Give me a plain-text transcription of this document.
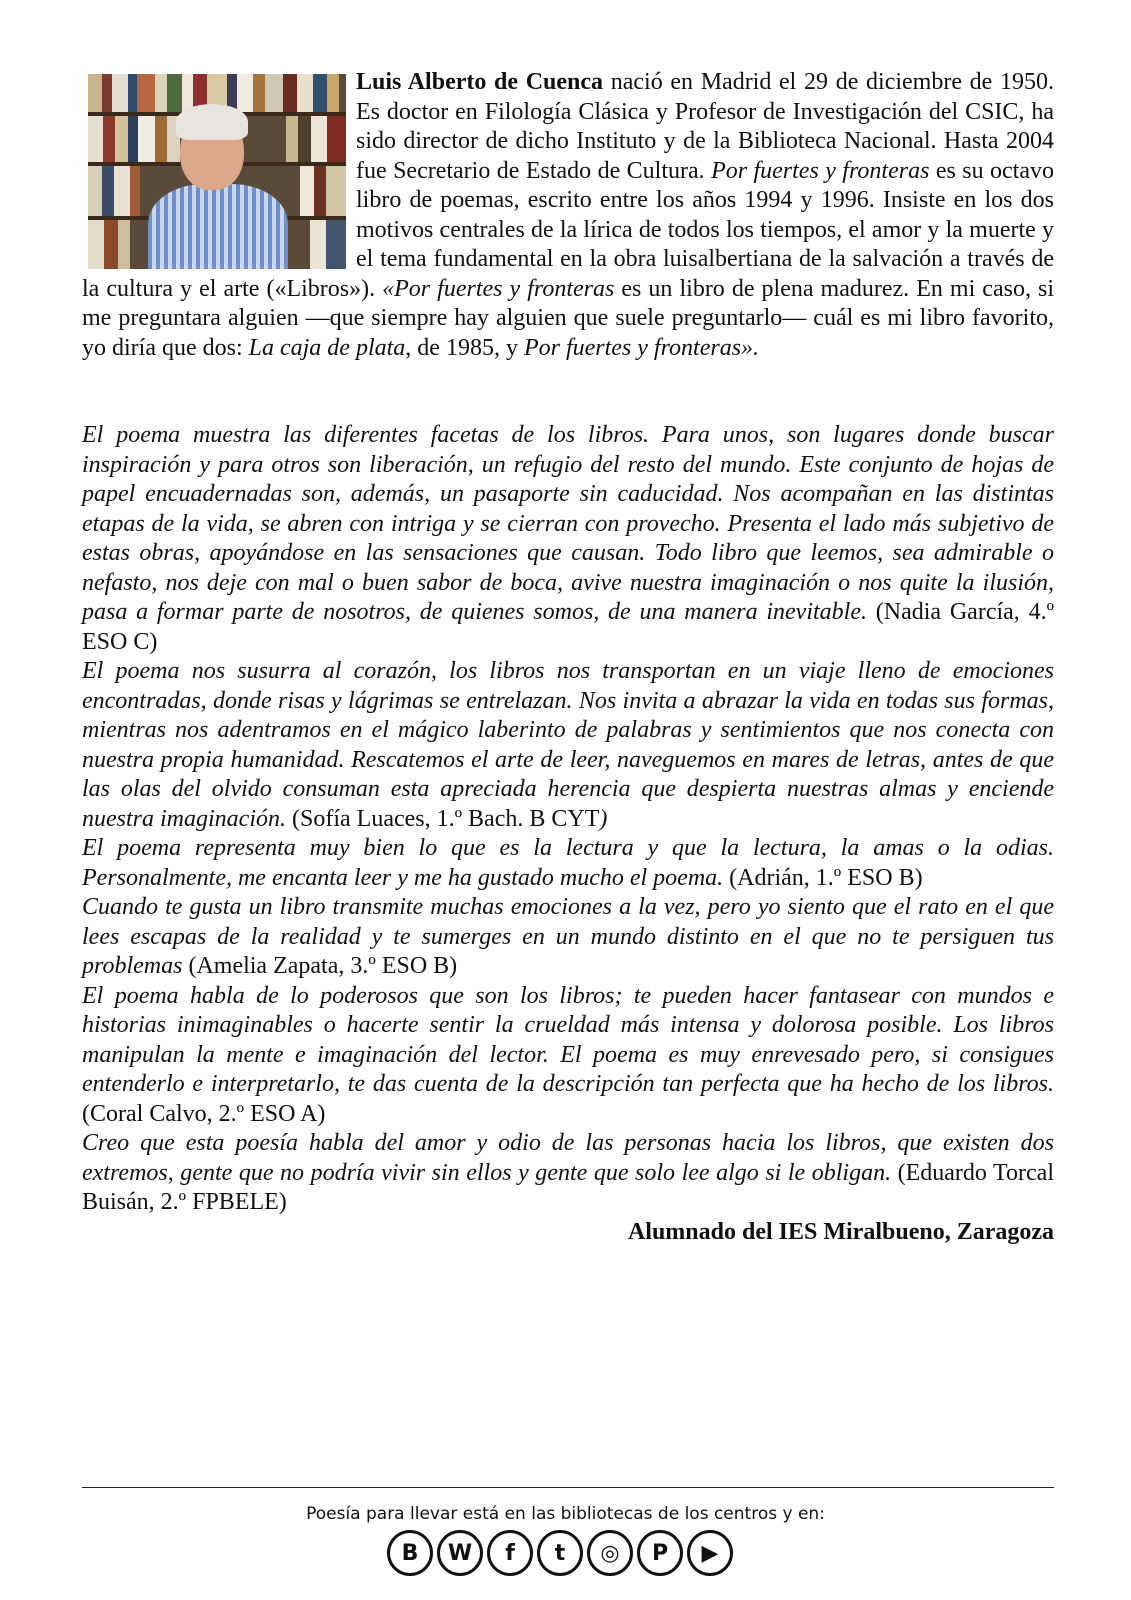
Luis Alberto de Cuenca nació en Madrid el 29 de diciembre de 1950. Es doctor en Filología Clásica y Profesor de Investigación del CSIC, ha sido director de dicho Instituto y de la Biblioteca Nacional. Hasta 2004 fue Secretario de Estado de Cultura. Por fuertes y fronteras es su octavo libro de poemas, escrito entre los años 1994 y 1996. Insiste en los dos motivos centrales de la lírica de todos los tiempos, el amor y la muerte y el tema fundamental en la obra luisalbertiana de la salvación a través de la cultura y el arte («Libros»). «Por fuertes y fronteras es un libro de plena madurez. En mi caso, si me preguntara alguien —que siempre hay alguien que suele preguntarlo— cuál es mi libro favorito, yo diría que dos: La caja de plata, de 1985, y Por fuertes y fronteras».

El poema muestra las diferentes facetas de los libros. Para unos, son lugares donde buscar inspiración y para otros son liberación, un refugio del resto del mundo. Este conjunto de hojas de papel encuadernadas son, además, un pasaporte sin caducidad. Nos acompañan en las distintas etapas de la vida, se abren con intriga y se cierran con provecho. Presenta el lado más subjetivo de estas obras, apoyándose en las sensaciones que causan. Todo libro que leemos, sea admirable o nefasto, nos deje con mal o buen sabor de boca, avive nuestra imaginación o nos quite la ilusión, pasa a formar parte de nosotros, de quienes somos, de una manera inevitable. (Nadia García, 4.º ESO C)

El poema nos susurra al corazón, los libros nos transportan en un viaje lleno de emociones encontradas, donde risas y lágrimas se entrelazan. Nos invita a abrazar la vida en todas sus formas, mientras nos adentramos en el mágico laberinto de palabras y sentimientos que nos conecta con nuestra propia humanidad. Rescatemos el arte de leer, naveguemos en mares de letras, antes de que las olas del olvido consuman esta apreciada herencia que despierta nuestras almas y enciende nuestra imaginación. (Sofía Luaces, 1.º Bach. B CYT)

El poema representa muy bien lo que es la lectura y que la lectura, la amas o la odias. Personalmente, me encanta leer y me ha gustado mucho el poema. (Adrián, 1.º ESO B)

Cuando te gusta un libro transmite muchas emociones a la vez, pero yo siento que el rato en el que lees escapas de la realidad y te sumerges en un mundo distinto en el que no te persiguen tus problemas (Amelia Zapata, 3.º ESO B)

El poema habla de lo poderosos que son los libros; te pueden hacer fantasear con mundos e historias inimaginables o hacerte sentir la crueldad más intensa y dolorosa posible. Los libros manipulan la mente e imaginación del lector. El poema es muy enrevesado pero, si consigues entenderlo e interpretarlo, te das cuenta de la descripción tan perfecta que ha hecho de los libros. (Coral Calvo, 2.º ESO A)

Creo que esta poesía habla del amor y odio de las personas hacia los libros, que existen dos extremos, gente que no podría vivir sin ellos y gente que solo lee algo si le obligan. (Eduardo Torcal Buisán, 2.º FPBELE)

Alumnado del IES Miralbueno, Zaragoza

Poesía para llevar está en las bibliotecas de los centros y en:
B	W	f	t	◎	P	▶
